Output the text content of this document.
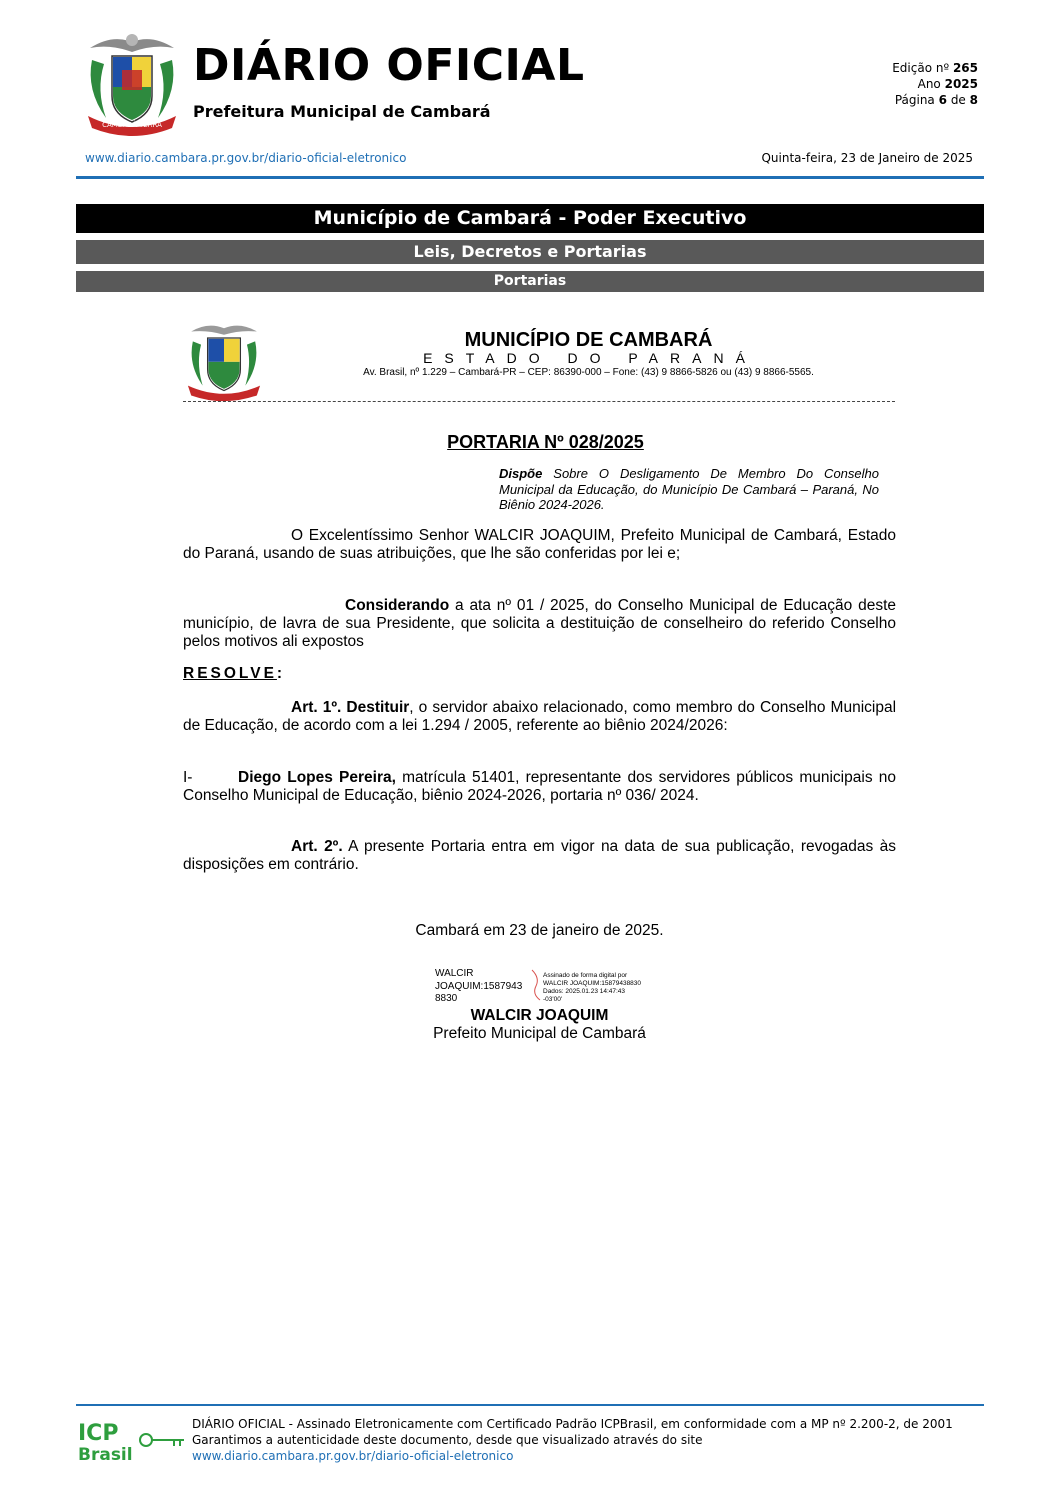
CAMBARÁ TERRA
DIÁRIO OFICIAL
Prefeitura Municipal de Cambará
Edição nº 265
Ano 2025
Página 6 de 8
www.diario.cambara.pr.gov.br/diario-oficial-eletronico	Quinta-feira, 23 de Janeiro de 2025
Município de Cambará - Poder Executivo
Leis, Decretos e Portarias
Portarias
MUNICÍPIO DE CAMBARÁ
ESTADO DO PARANÁ
Av. Brasil, nº 1.229 – Cambará-PR – CEP: 86390-000 – Fone: (43) 9 8866-5826 ou (43) 9 8866-5565.
PORTARIA Nº 028/2025
Dispõe Sobre O Desligamento De Membro Do Conselho Municipal da Educação, do Município De Cambará – Paraná, No Biênio 2024-2026.
O Excelentíssimo Senhor WALCIR JOAQUIM, Prefeito Municipal de Cambará, Estado do Paraná, usando de suas atribuições, que lhe são conferidas por lei e;
Considerando a ata nº 01 / 2025, do Conselho Municipal de Educação deste município, de lavra de sua Presidente, que solicita a destituição de conselheiro do referido Conselho pelos motivos ali expostos
RESOLVE:
Art. 1º. Destituir, o servidor abaixo relacionado, como membro do Conselho Municipal de Educação, de acordo com a lei 1.294 / 2005, referente ao biênio 2024/2026:
I-	Diego Lopes Pereira, matrícula 51401, representante dos servidores públicos municipais no Conselho Municipal de Educação, biênio 2024-2026, portaria nº 036/ 2024.
Art. 2º. A presente Portaria entra em vigor na data de sua publicação, revogadas às disposições em contrário.
Cambará em 23 de janeiro de 2025.
WALCIR
JOAQUIM:1587943
8830
Assinado de forma digital por
WALCIR JOAQUIM:15879438830
Dados: 2025.01.23 14:47:43
-03'00'
WALCIR JOAQUIM
Prefeito Municipal de Cambará
ICP
Brasil
DIÁRIO OFICIAL - Assinado Eletronicamente com Certificado Padrão ICPBrasil, em conformidade com a MP nº 2.200-2, de 2001
Garantimos a autenticidade deste documento, desde que visualizado através do site
www.diario.cambara.pr.gov.br/diario-oficial-eletronico
